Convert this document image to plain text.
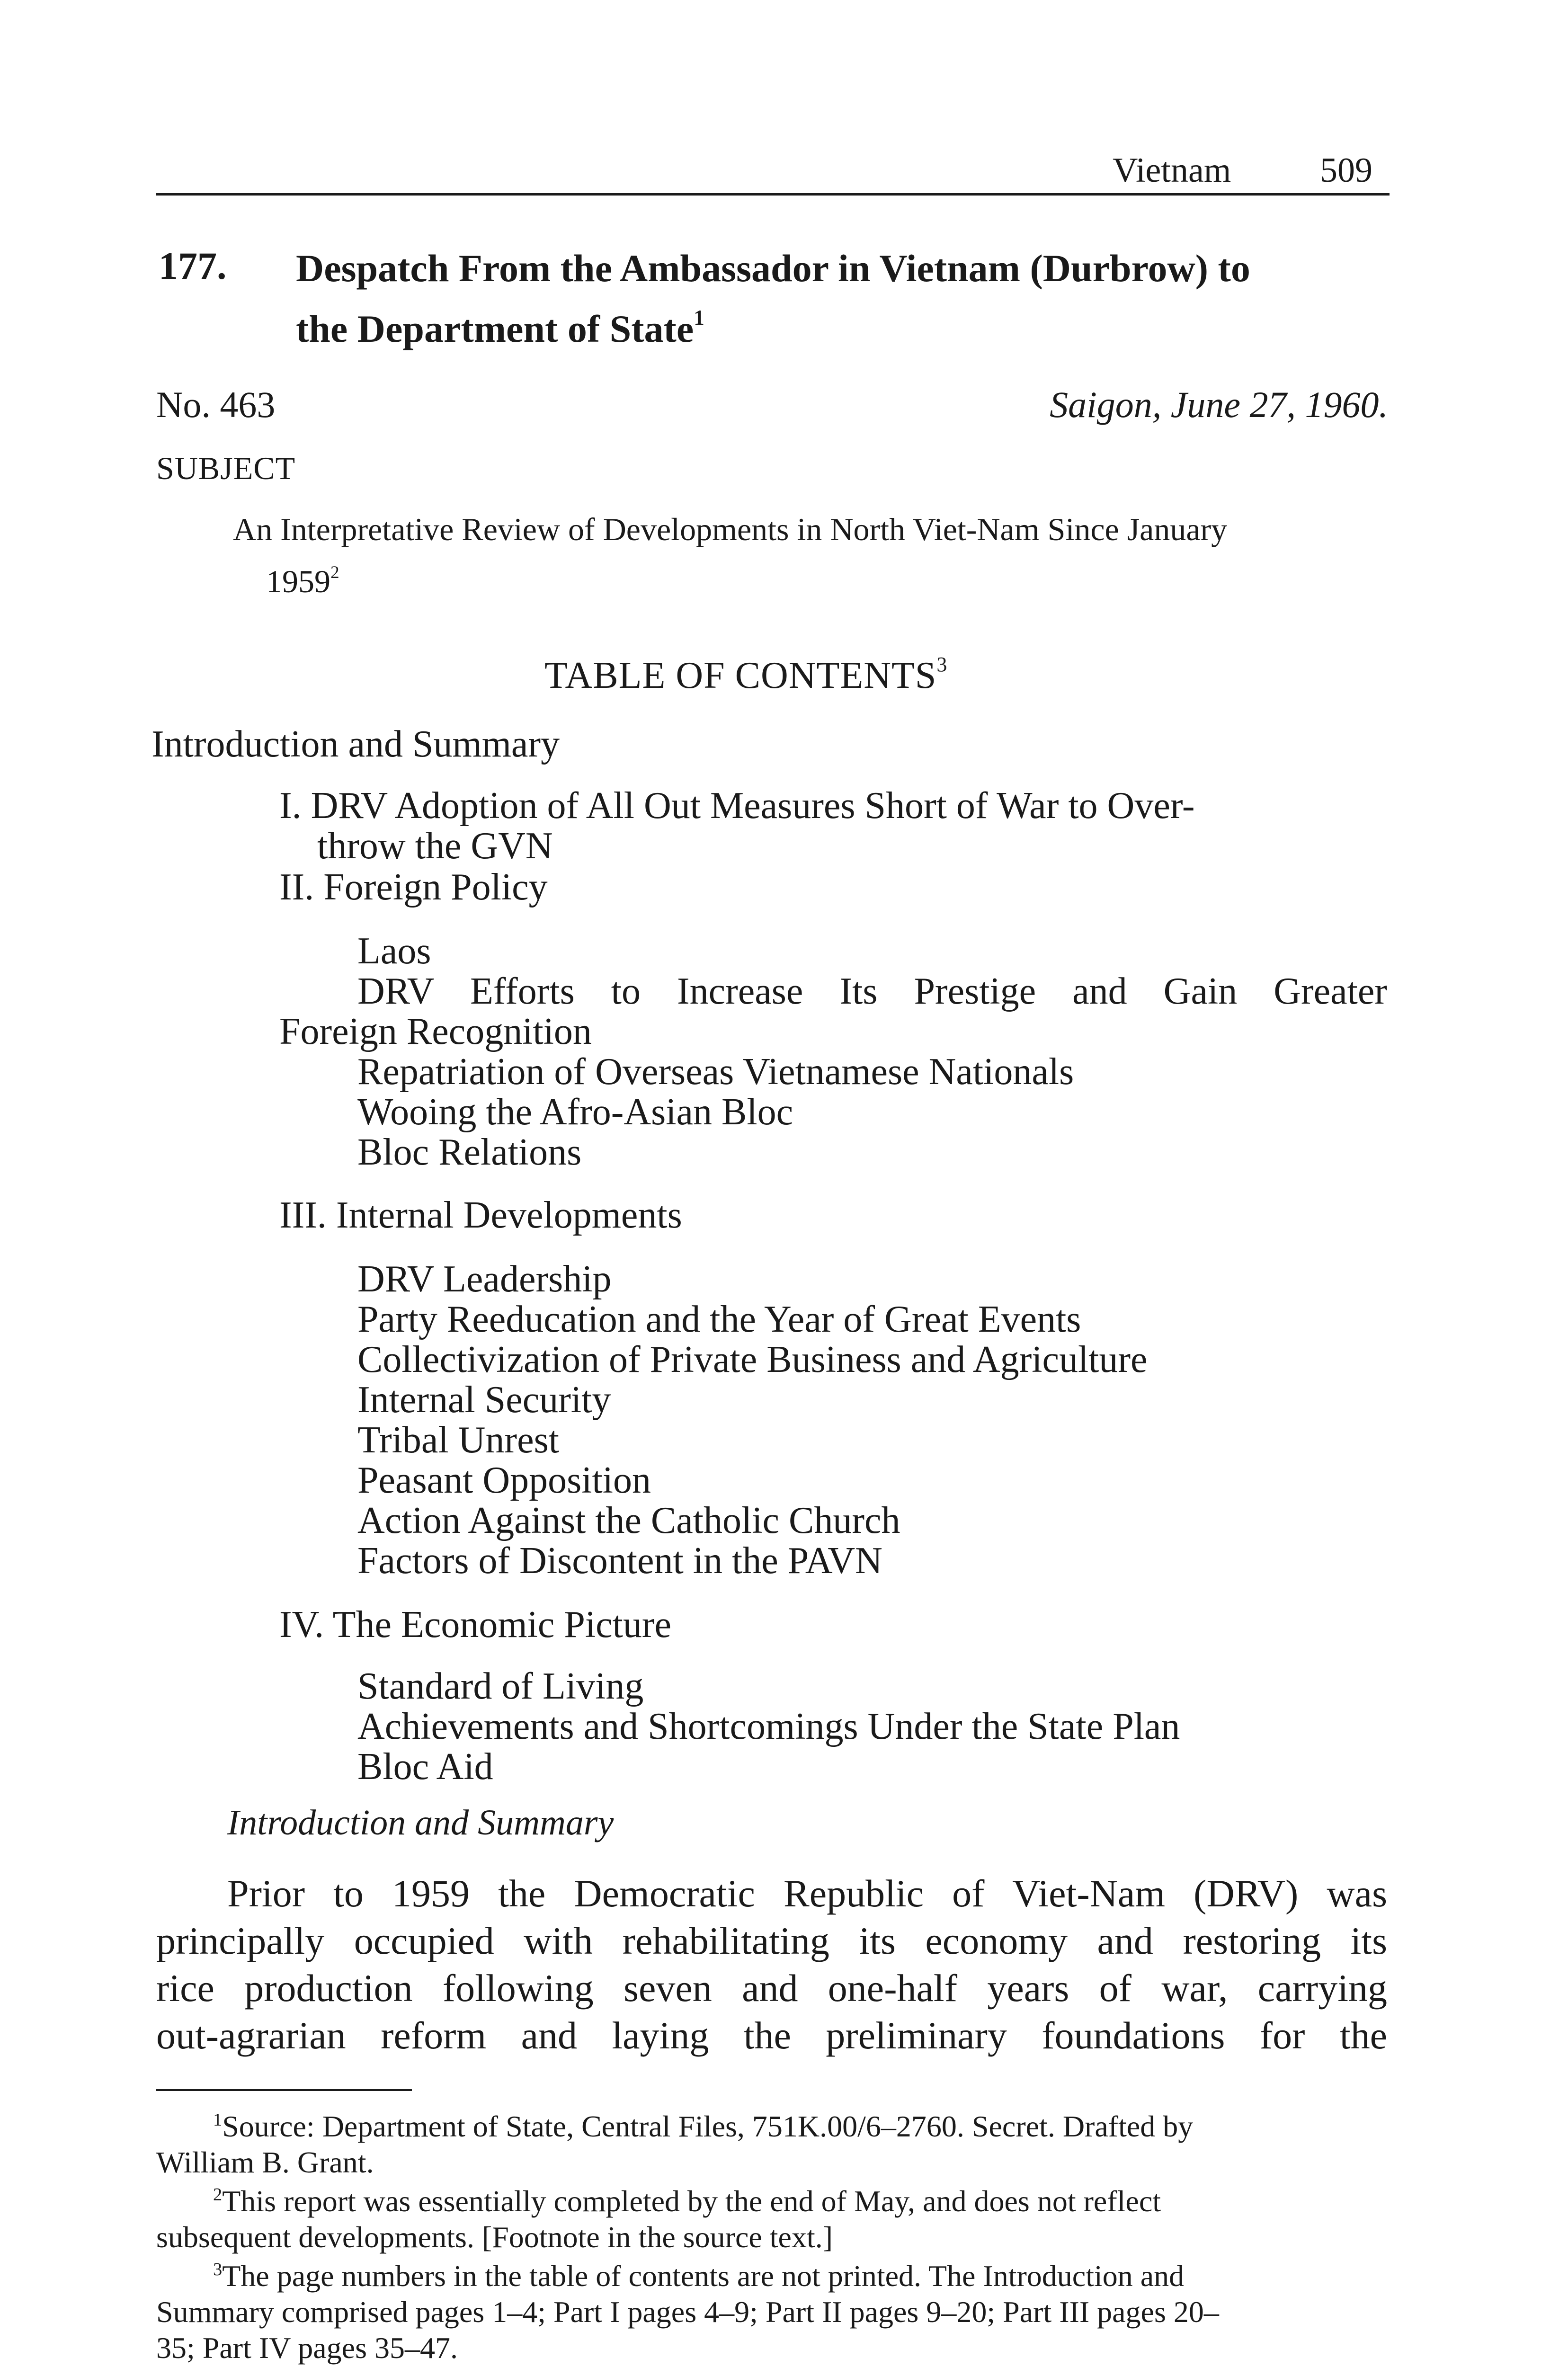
Vietnam	509
177. Despatch From the Ambassador in Vietnam (Durbrow) to
the Department of State$^1$
No. 463	Saigon, June 27, 1960.
SUBJECT
An Interpretative Review of Developments in North Viet-Nam Since January
1959$^2$
TABLE OF CONTENTS$^3$
Introduction and Summary
I. DRV Adoption of All Out Measures Short of War to Over-
throw the GVN
II. Foreign Policy
Laos
DRV Efforts to Increase Its Prestige and Gain Greater
Foreign Recognition
Repatriation of Overseas Vietnamese Nationals
Wooing the Afro-Asian Bloc
Bloc Relations
III. Internal Developments
DRV Leadership
Party Reeducation and the Year of Great Events
Collectivization of Private Business and Agriculture
Internal Security
Tribal Unrest
Peasant Opposition
Action Against the Catholic Church
Factors of Discontent in the PAVN
IV. The Economic Picture
Standard of Living
Achievements and Shortcomings Under the State Plan
Bloc Aid
Introduction and Summary
Prior to 1959 the Democratic Republic of Viet-Nam (DRV) was
principally occupied with rehabilitating its economy and restoring its
rice production following seven and one-half years of war, carrying
out-agrarian reform and laying the preliminary foundations for the
$^1$Source: Department of State, Central Files, 751K.00/6–2760. Secret. Drafted by
William B. Grant.
$^2$This report was essentially completed by the end of May, and does not reflect
subsequent developments. [Footnote in the source text.]
$^3$The page numbers in the table of contents are not printed. The Introduction and
Summary comprised pages 1–4; Part I pages 4–9; Part II pages 9–20; Part III pages 20–
35; Part IV pages 35–47.
